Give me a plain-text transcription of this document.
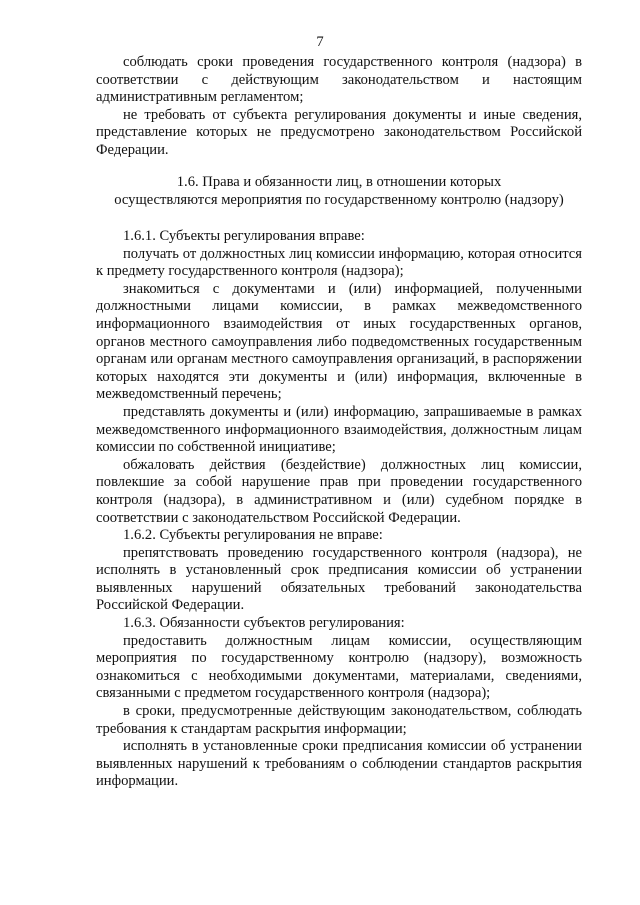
7

соблюдать сроки проведения государственного контроля (надзора) в соответствии с действующим законодательством и настоящим административным регламентом;

не требовать от субъекта регулирования документы и иные сведения, представление которых не предусмотрено законодательством Российской Федерации.

1.6. Права и обязанности лиц, в отношении которых

осуществляются мероприятия по государственному контролю (надзору)

1.6.1. Субъекты регулирования вправе:

получать от должностных лиц комиссии информацию, которая относится к предмету государственного контроля (надзора);

знакомиться с документами и (или) информацией, полученными должностными лицами комиссии, в рамках межведомственного информационного взаимодействия от иных государственных органов, органов местного самоуправления либо подведомственных государственным органам или органам местного самоуправления организаций, в распоряжении которых находятся эти документы и (или) информация, включенные в межведомственный перечень;

представлять документы и (или) информацию, запрашиваемые в рамках межведомственного информационного взаимодействия, должностным лицам комиссии по собственной инициативе;

обжаловать действия (бездействие) должностных лиц комиссии, повлекшие за собой нарушение прав при проведении государственного контроля (надзора), в административном и (или) судебном порядке в соответствии с законодательством Российской Федерации.

1.6.2. Субъекты регулирования не вправе:

препятствовать проведению государственного контроля (надзора), не исполнять в установленный срок предписания комиссии об устранении выявленных нарушений обязательных требований законодательства Российской Федерации.

1.6.3. Обязанности субъектов регулирования:

предоставить должностным лицам комиссии, осуществляющим мероприятия по государственному контролю (надзору), возможность ознакомиться с необходимыми документами, материалами, сведениями, связанными с предметом государственного контроля (надзора);

в сроки, предусмотренные действующим законодательством, соблюдать требования к стандартам раскрытия информации;

исполнять в установленные сроки предписания комиссии об устранении выявленных нарушений к требованиям о соблюдении стандартов раскрытия информации.
